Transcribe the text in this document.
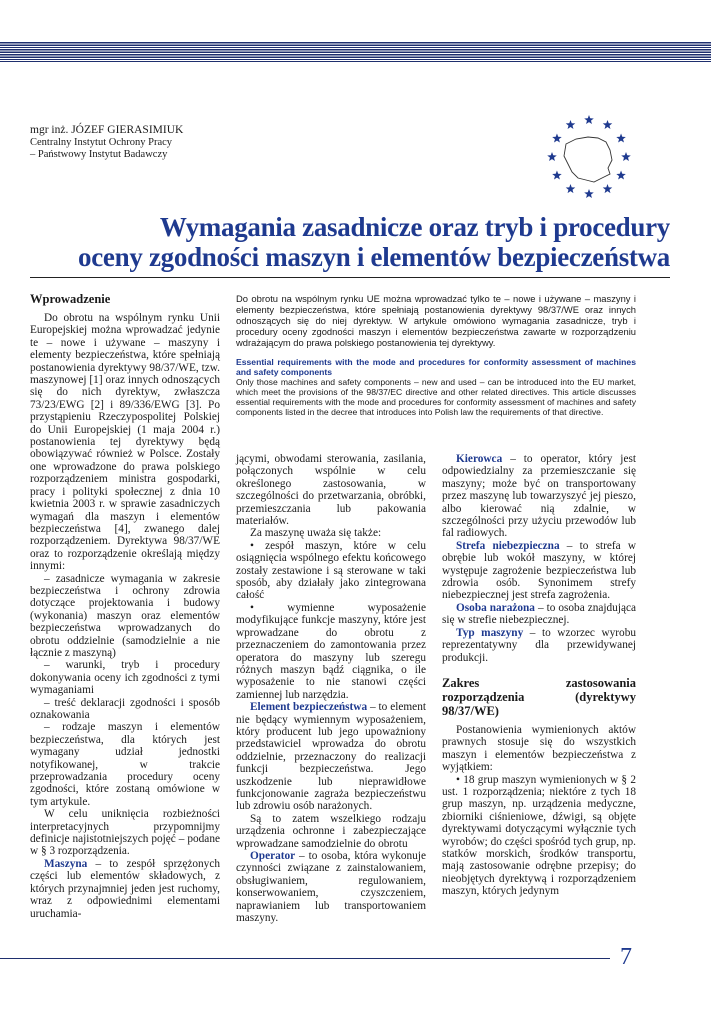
mgr inż. JÓZEF GIERASIMIUK
Centralny Instytut Ochrony Pracy
– Państwowy Instytut Badawczy
Wymagania zasadnicze oraz tryb i procedury
oceny zgodności maszyn i elementów bezpieczeństwa
Wprowadzenie

Do obrotu na wspólnym rynku Unii Europejskiej można wprowadzać jedynie te – nowe i używane – maszyny i elementy bezpieczeństwa, które spełniają postanowienia dyrektywy 98/37/WE, tzw. maszynowej [1] oraz innych odnoszących się do nich dyrektyw, zwłaszcza 73/23/EWG [2] i 89/336/EWG [3]. Po przystąpieniu Rzeczypospolitej Polskiej do Unii Europejskiej (1 maja 2004 r.) postanowienia tej dyrektywy będą obowiązywać również w Polsce. Zostały one wprowadzone do prawa polskiego rozporządzeniem ministra gospodarki, pracy i polityki społecznej z dnia 10 kwietnia 2003 r. w sprawie zasadniczych wymagań dla maszyn i elementów bezpieczeństwa [4], zwanego dalej rozporządzeniem. Dyrektywa 98/37/WE oraz to rozporządzenie określają między innymi:

– zasadnicze wymagania w zakresie bezpieczeństwa i ochrony zdrowia dotyczące projektowania i budowy (wykonania) maszyn oraz elementów bezpieczeństwa wprowadzanych do obrotu oddzielnie (samodzielnie a nie łącznie z maszyną)

– warunki, tryb i procedury dokonywania oceny ich zgodności z tymi wymaganiami

– treść deklaracji zgodności i sposób oznakowania

– rodzaje maszyn i elementów bezpieczeństwa, dla których jest wymagany udział jednostki notyfikowanej, w trakcie przeprowadzania procedury oceny zgodności, które zostaną omówione w tym artykule.

W celu uniknięcia rozbieżności interpretacyjnych przypomnijmy definicje najistotniejszych pojęć – podane w § 3 rozporządzenia.

Maszyna – to zespół sprzężonych części lub elementów składowych, z których przynajmniej jeden jest ruchomy, wraz z odpowiednimi elementami uruchamia-

Do obrotu na wspólnym rynku UE można wprowadzać tylko te – nowe i używane – maszyny i elementy bezpieczeństwa, które spełniają postanowienia dyrektywy 98/37/WE oraz innych odnoszących się do niej dyrektyw. W artykule omówiono wymagania zasadnicze, tryb i procedury oceny zgodności maszyn i elementów bezpieczeństwa zawarte w rozporządzeniu wdrażającym do prawa polskiego postanowienia tej dyrektywy.

Essential requirements with the mode and procedures for conformity assessment of machines and safety components

Only those machines and safety components – new and used – can be introduced into the EU market, which meet the provisions of the 98/37/EC directive and other related directives. This article discusses essential requirements with the mode and procedures for conformity assessment of machines and safety components listed in the decree that introduces into Polish law the requirements of that directive.

jącymi, obwodami sterowania, zasilania, połączonych wspólnie w celu określonego zastosowania, w szczególności do przetwarzania, obróbki, przemieszczania lub pakowania materiałów.

Za maszynę uważa się także:

• zespół maszyn, które w celu osiągnięcia wspólnego efektu końcowego zostały zestawione i są sterowane w taki sposób, aby działały jako zintegrowana całość

• wymienne wyposażenie modyfikujące funkcje maszyny, które jest wprowadzane do obrotu z przeznaczeniem do zamontowania przez operatora do maszyny lub szeregu różnych maszyn bądź ciągnika, o ile wyposażenie to nie stanowi części zamiennej lub narzędzia.

Element bezpieczeństwa – to element nie będący wymiennym wyposażeniem, który producent lub jego upoważniony przedstawiciel wprowadza do obrotu oddzielnie, przeznaczony do realizacji funkcji bezpieczeństwa. Jego uszkodzenie lub nieprawidłowe funkcjonowanie zagraża bezpieczeństwu lub zdrowiu osób narażonych.

Są to zatem wszelkiego rodzaju urządzenia ochronne i zabezpieczające wprowadzane samodzielnie do obrotu

Operator – to osoba, która wykonuje czynności związane z zainstalowaniem, obsługiwaniem, regulowaniem, konserwowaniem, czyszczeniem, naprawianiem lub transportowaniem maszyny.

Kierowca – to operator, który jest odpowiedzialny za przemieszczanie się maszyny; może być on transportowany przez maszynę lub towarzyszyć jej pieszo, albo kierować nią zdalnie, w szczególności przy użyciu przewodów lub fal radiowych.

Strefa niebezpieczna – to strefa w obrębie lub wokół maszyny, w której występuje zagrożenie bezpieczeństwa lub zdrowia osób. Synonimem strefy niebezpiecznej jest strefa zagrożenia.

Osoba narażona – to osoba znajdująca się w strefie niebezpiecznej.

Typ maszyny – to wzorzec wyrobu reprezentatywny dla przewidywanej produkcji.

Zakres zastosowania rozporządzenia (dyrektywy 98/37/WE)

Postanowienia wymienionych aktów prawnych stosuje się do wszystkich maszyn i elementów bezpieczeństwa z wyjątkiem:

• 18 grup maszyn wymienionych w § 2 ust. 1 rozporządzenia; niektóre z tych 18 grup maszyn, np. urządzenia medyczne, zbiorniki ciśnieniowe, dźwigi, są objęte dyrektywami dotyczącymi wyłącznie tych wyrobów; do części spośród tych grup, np. statków morskich, środków transportu, mają zastosowanie odrębne przepisy; do nieobjętych dyrektywą i rozporządzeniem maszyn, których jedynym

7
